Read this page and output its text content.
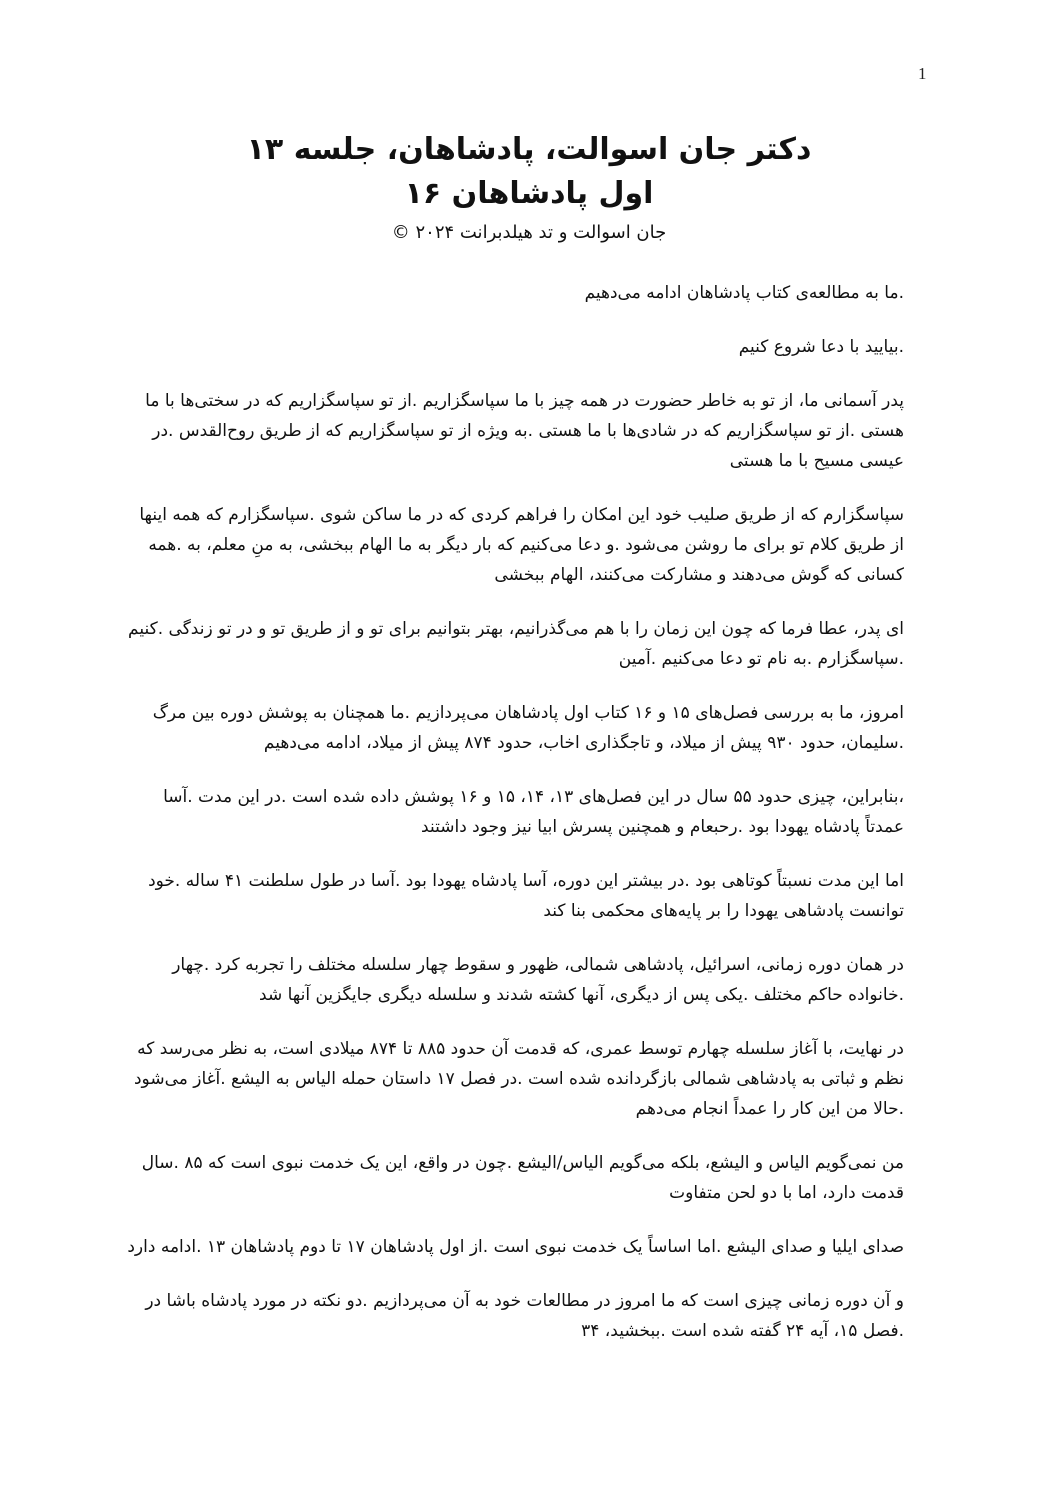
1
دکتر جان اسوالت، پادشاهان، جلسه ۱۳
اول پادشاهان ۱۶
جان اسوالت و تد هیلدبرانت ۲۰۲۴ ©

.ما به مطالعه‌ی کتاب پادشاهان ادامه می‌دهیم

.بیایید با دعا شروع کنیم

پدر آسمانی ما، از تو به خاطر حضورت در همه چیز با ما سپاسگزاریم .از تو سپاسگزاریم که در سختی‌ها با ما هستی .از تو سپاسگزاریم که در شادی‌ها با ما هستی .به ویژه از تو سپاسگزاریم که از طریق روح‌القدس .در عیسی مسیح با ما هستی

سپاسگزارم که از طریق صلیب خود این امکان را فراهم کردی که در ما ساکن شوی .سپاسگزارم که همه اینها از طریق کلام تو برای ما روشن می‌شود .و دعا می‌کنیم که بار دیگر به ما الهام ببخشی، به منِ معلم، به .همه کسانی که گوش می‌دهند و مشارکت می‌کنند، الهام ببخشی

ای پدر، عطا فرما که چون این زمان را با هم می‌گذرانیم، بهتر بتوانیم برای تو و از طریق تو و در تو زندگی .کنیم .سپاسگزارم .به نام تو دعا می‌کنیم .آمین

امروز، ما به بررسی فصل‌های ۱۵ و ۱۶ کتاب اول پادشاهان می‌پردازیم .ما همچنان به پوشش دوره بین مرگ .سلیمان، حدود ۹۳۰ پیش از میلاد، و تاجگذاری اخاب، حدود ۸۷۴ پیش از میلاد، ادامه می‌دهیم

،بنابراین، چیزی حدود ۵۵ سال در این فصل‌های ۱۳، ۱۴، ۱۵ و ۱۶ پوشش داده شده است .در این مدت .آسا عمدتاً پادشاه یهودا بود .رحبعام و همچنین پسرش ابیا نیز وجود داشتند

اما این مدت نسبتاً کوتاهی بود .در بیشتر این دوره، آسا پادشاه یهودا بود .آسا در طول سلطنت ۴۱ ساله .خود توانست پادشاهی یهودا را بر پایه‌های محکمی بنا کند

در همان دوره زمانی، اسرائیل، پادشاهی شمالی، ظهور و سقوط چهار سلسله مختلف را تجربه کرد .چهار .خانواده حاکم مختلف .یکی پس از دیگری، آنها کشته شدند و سلسله دیگری جایگزین آنها شد

در نهایت، با آغاز سلسله چهارم توسط عمری، که قدمت آن حدود ۸۸۵ تا ۸۷۴ میلادی است، به نظر می‌رسد که نظم و ثباتی به پادشاهی شمالی بازگردانده شده است .در فصل ۱۷ داستان حمله الیاس به الیشع .آغاز می‌شود .حالا من این کار را عمداً انجام می‌دهم

من نمی‌گویم الیاس و الیشع، بلکه می‌گویم الیاس/الیشع .چون در واقع، این یک خدمت نبوی است که ۸۵ .سال قدمت دارد، اما با دو لحن متفاوت

صدای ایلیا و صدای الیشع .اما اساساً یک خدمت نبوی است .از اول پادشاهان ۱۷ تا دوم پادشاهان ۱۳ .ادامه دارد

و آن دوره زمانی چیزی است که ما امروز در مطالعات خود به آن می‌پردازیم .دو نکته در مورد پادشاه باشا در .فصل ۱۵، آیه ۲۴ گفته شده است .ببخشید، ۳۴
